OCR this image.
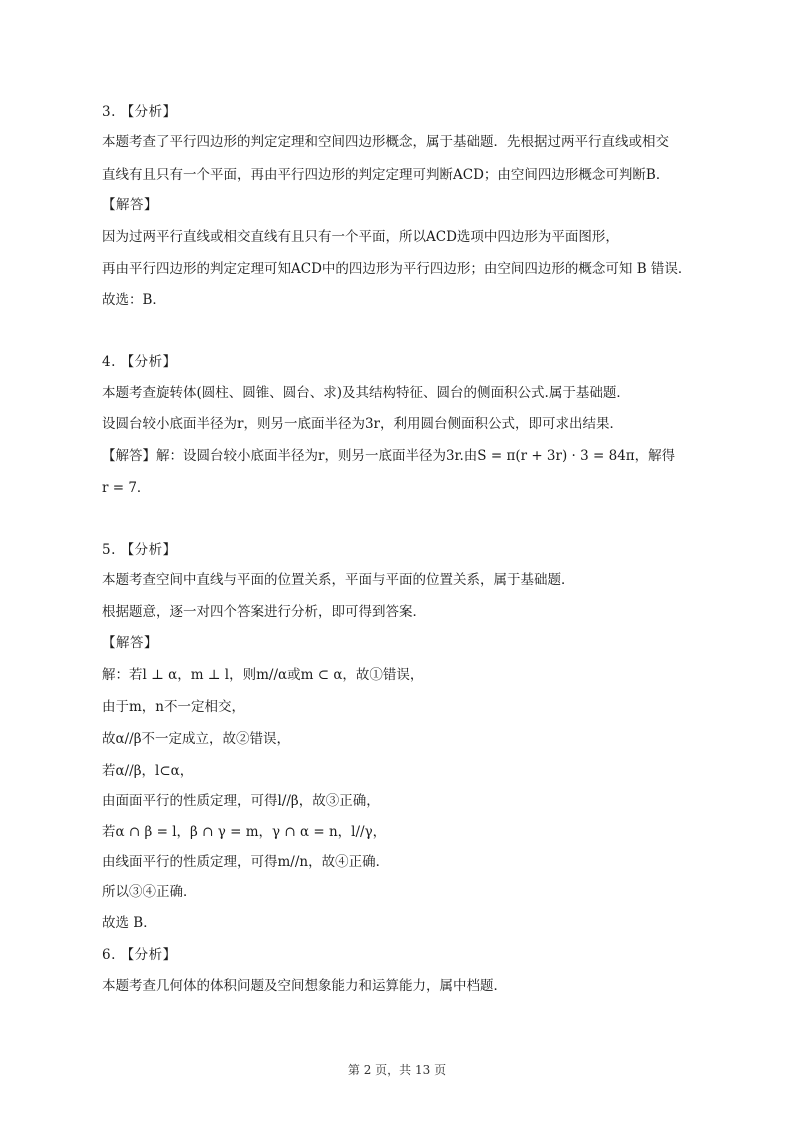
3. 【分析】
本题考查了平行四边形的判定定理和空间四边形概念，属于基础题．先根据过两平行直线或相交
直线有且只有一个平面，再由平行四边形的判定定理可判断ACD；由空间四边形概念可判断B．
【解答】
因为过两平行直线或相交直线有且只有一个平面，所以ACD选项中四边形为平面图形，
再由平行四边形的判定定理可知ACD中的四边形为平行四边形；由空间四边形的概念可知 B 错误．
故选：B．
4. 【分析】
本题考查旋转体(圆柱、圆锥、圆台、求)及其结构特征、圆台的侧面积公式.属于基础题．
设圆台较小底面半径为r，则另一底面半径为3r，利用圆台侧面积公式，即可求出结果．
【解答】解：设圆台较小底面半径为r，则另一底面半径为3r.由S = π(r + 3r) · 3 = 84π，解得
r = 7．
5. 【分析】
本题考查空间中直线与平面的位置关系，平面与平面的位置关系，属于基础题．
根据题意，逐一对四个答案进行分析，即可得到答案．
【解答】
解：若l ⊥ α，m ⊥ l，则m//α或m ⊂ α，故①错误，
由于m，n不一定相交，
故α//β不一定成立，故②错误，
若α//β，l⊂α，
由面面平行的性质定理，可得l//β，故③正确，
若α ∩ β = l，β ∩ γ = m，γ ∩ α = n，l//γ，
由线面平行的性质定理，可得m//n，故④正确．
所以③④正确．
故选 B．
6. 【分析】
本题考查几何体的体积问题及空间想象能力和运算能力，属中档题．
第 2 页，共 13 页
